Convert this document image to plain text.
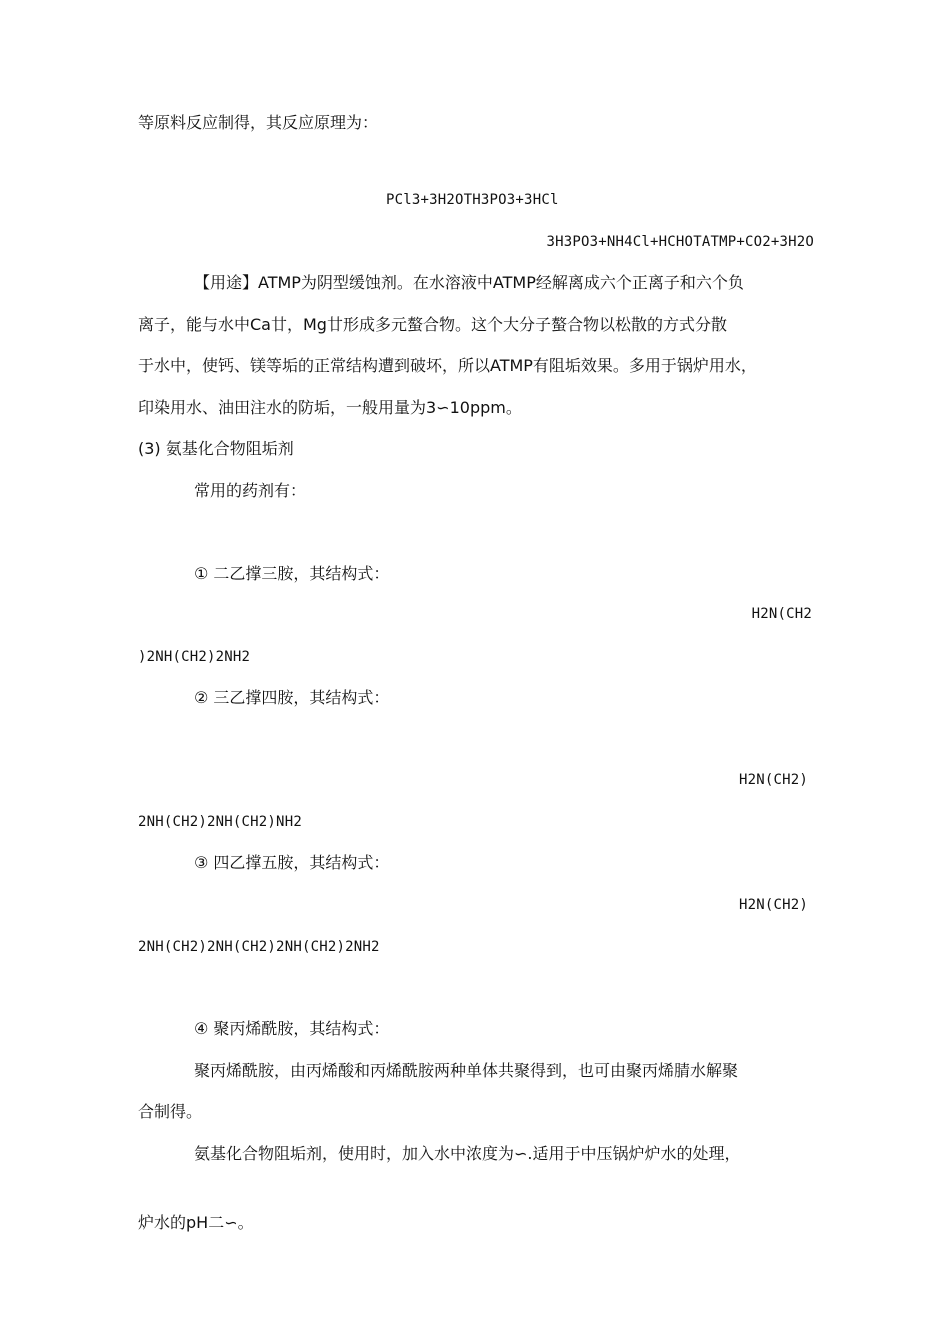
等原料反应制得，其反应原理为：
PCl3+3H2OTH3PO3+3HCl
3H3PO3+NH4Cl+HCHOTATMP+CO2+3H2O
【用途】ATMP为阴型缓蚀剂。在水溶液中ATMP经解离成六个正离子和六个负
离子，能与水中Ca廿，Mg廿形成多元螯合物。这个大分子螯合物以松散的方式分散
于水中，使钙、镁等垢的正常结构遭到破坏，所以ATMP有阻垢效果。多用于锅炉用水，
印染用水、油田注水的防垢，一般用量为3∽10ppm。
(3) 氨基化合物阻垢剂
常用的药剂有：
① 二乙撑三胺，其结构式：
H2N(CH2
)2NH(CH2)2NH2
② 三乙撑四胺，其结构式：
H2N(CH2)
2NH(CH2)2NH(CH2)NH2
③ 四乙撑五胺，其结构式：
H2N(CH2)
2NH(CH2)2NH(CH2)2NH(CH2)2NH2
④ 聚丙烯酰胺，其结构式：
聚丙烯酰胺，由丙烯酸和丙烯酰胺两种单体共聚得到，也可由聚丙烯腈水解聚
合制得。
氨基化合物阻垢剂，使用时，加入水中浓度为∽.适用于中压锅炉炉水的处理，
炉水的pH二∽。
